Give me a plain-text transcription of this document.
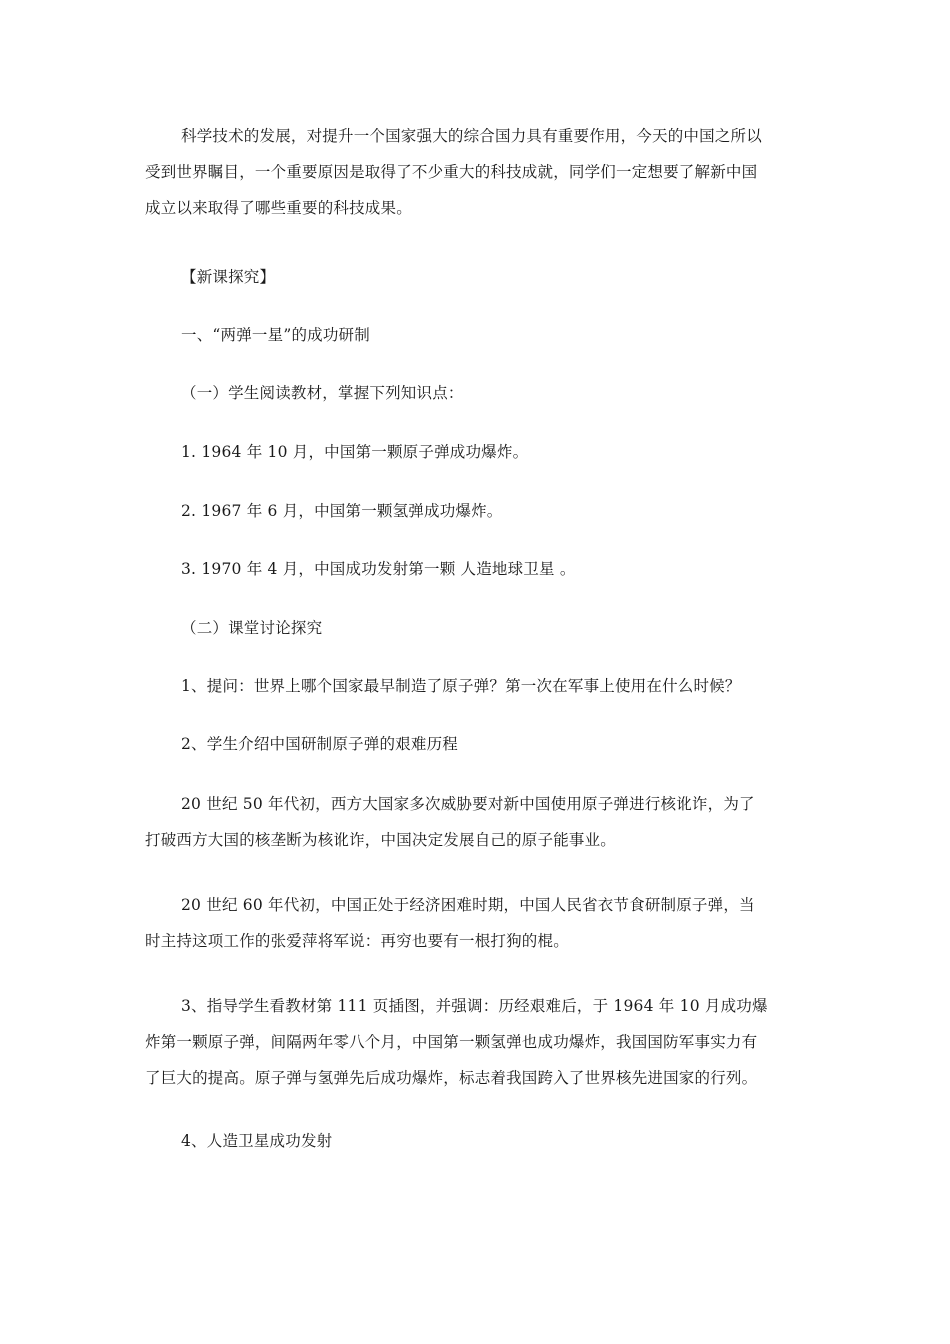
科学技术的发展，对提升一个国家强大的综合国力具有重要作用，今天的中国之所以
受到世界瞩目，一个重要原因是取得了不少重大的科技成就，同学们一定想要了解新中国
成立以来取得了哪些重要的科技成果。

【新课探究】

一、“两弹一星”的成功研制

（一）学生阅读教材，掌握下列知识点：

1. 1964 年 10 月，中国第一颗原子弹成功爆炸。

2. 1967 年 6 月，中国第一颗氢弹成功爆炸。

3. 1970 年 4 月，中国成功发射第一颗 人造地球卫星 。

（二）课堂讨论探究

1、提问：世界上哪个国家最早制造了原子弹？第一次在军事上使用在什么时候？

2、学生介绍中国研制原子弹的艰难历程

20 世纪 50 年代初，西方大国家多次威胁要对新中国使用原子弹进行核讹诈，为了
打破西方大国的核垄断为核讹诈，中国决定发展自己的原子能事业。
20 世纪 60 年代初，中国正处于经济困难时期，中国人民省衣节食研制原子弹，当
时主持这项工作的张爱萍将军说：再穷也要有一根打狗的棍。
3、指导学生看教材第 111 页插图，并强调：历经艰难后，于 1964 年 10 月成功爆
炸第一颗原子弹，间隔两年零八个月，中国第一颗氢弹也成功爆炸，我国国防军事实力有
了巨大的提高。原子弹与氢弹先后成功爆炸，标志着我国跨入了世界核先进国家的行列。

4、人造卫星成功发射
